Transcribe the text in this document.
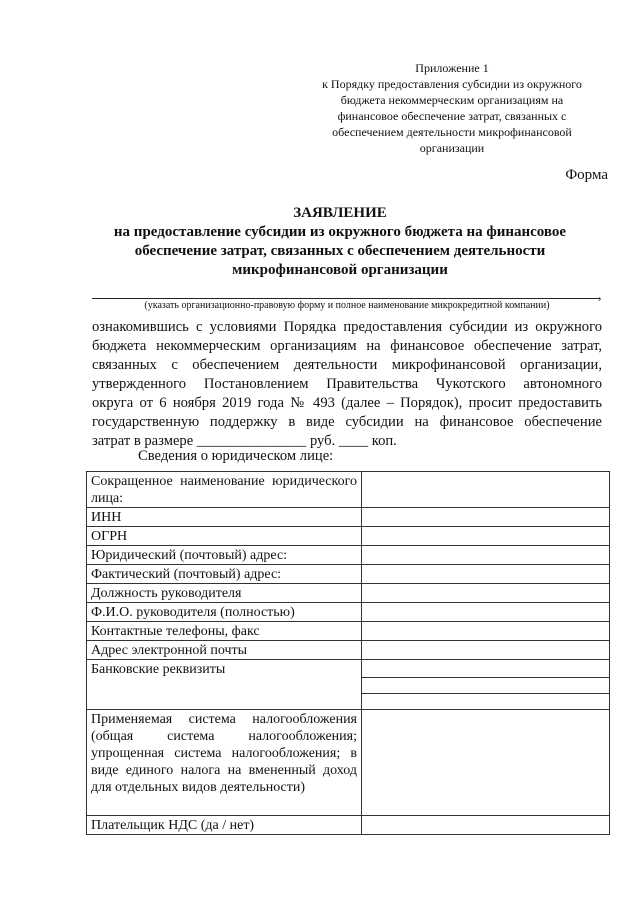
Приложение 1
к Порядку предоставления субсидии из окружного
бюджета некоммерческим организациям на
финансовое обеспечение затрат, связанных с
обеспечением деятельности микрофинансовой
организации
Форма
ЗАЯВЛЕНИЕ
на предоставление субсидии из окружного бюджета на финансовое
обеспечение затрат, связанных с обеспечением деятельности
микрофинансовой организации
,
(указать организационно-правовую форму и полное наименование микрокредитной компании)
ознакомившись с условиями Порядка предоставления субсидии из окружного
бюджета некоммерческим организациям на финансовое обеспечение затрат,
связанных с обеспечением деятельности микрофинансовой организации,
утвержденного Постановлением Правительства Чукотского автономного
округа от 6 ноября 2019 года № 493 (далее – Порядок), просит предоставить
государственную поддержку в виде субсидии на финансовое обеспечение
затрат в размере _______________ руб. ____ коп.
Сведения о юридическом лице:
Сокращенное наименование юридического лица:	
ИНН	
ОГРН	
Юридический (почтовый) адрес:	
Фактический (почтовый) адрес:	
Должность руководителя	
Ф.И.О. руководителя (полностью)	
Контактные телефоны, факс	
Адрес электронной почты	
Банковские реквизиты	

Применяемая система налогообложения (общая система налогообложения; упрощенная система налогообложения; в виде единого налога на вмененный доход для отдельных видов деятельности)	
Плательщик НДС (да / нет)	
